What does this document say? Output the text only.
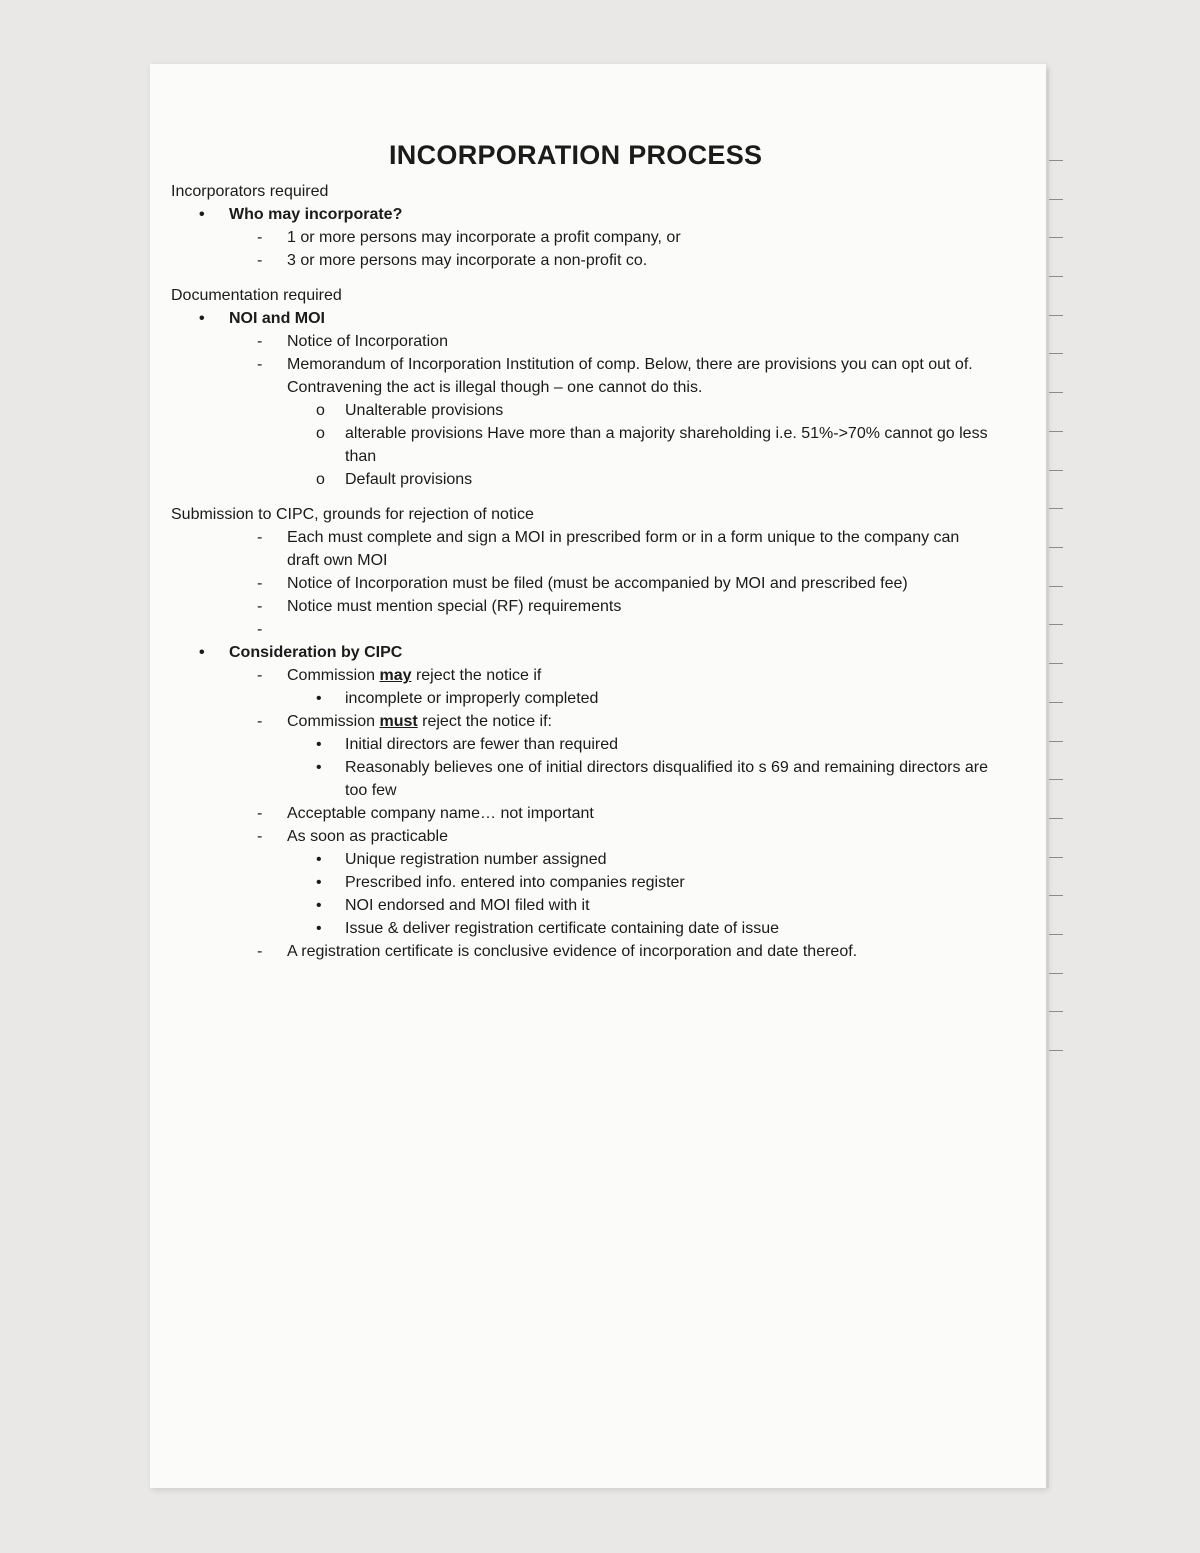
INCORPORATION PROCESS

Incorporators required

• Who may incorporate?
- 1 or more persons may incorporate a profit company, or
- 3 or more persons may incorporate a non-profit co.

Documentation required

• NOI and MOI
- Notice of Incorporation
- Memorandum of Incorporation Institution of comp. Below, there are provisions you can opt out of. Contravening the act is illegal though – one cannot do this.
o Unalterable provisions
o alterable provisions Have more than a majority shareholding i.e. 51%->70% cannot go less than
o Default provisions

Submission to CIPC, grounds for rejection of notice

- Each must complete and sign a MOI in prescribed form or in a form unique to the company can draft own MOI
- Notice of Incorporation must be filed (must be accompanied by MOI and prescribed fee)
- Notice must mention special (RF) requirements
-
• Consideration by CIPC
- Commission may reject the notice if
• incomplete or improperly completed
- Commission must reject the notice if:
• Initial directors are fewer than required
• Reasonably believes one of initial directors disqualified ito s 69 and remaining directors are too few
- Acceptable company name… not important
- As soon as practicable
• Unique registration number assigned
• Prescribed info. entered into companies register
• NOI endorsed and MOI filed with it
• Issue & deliver registration certificate containing date of issue
- A registration certificate is conclusive evidence of incorporation and date thereof.
